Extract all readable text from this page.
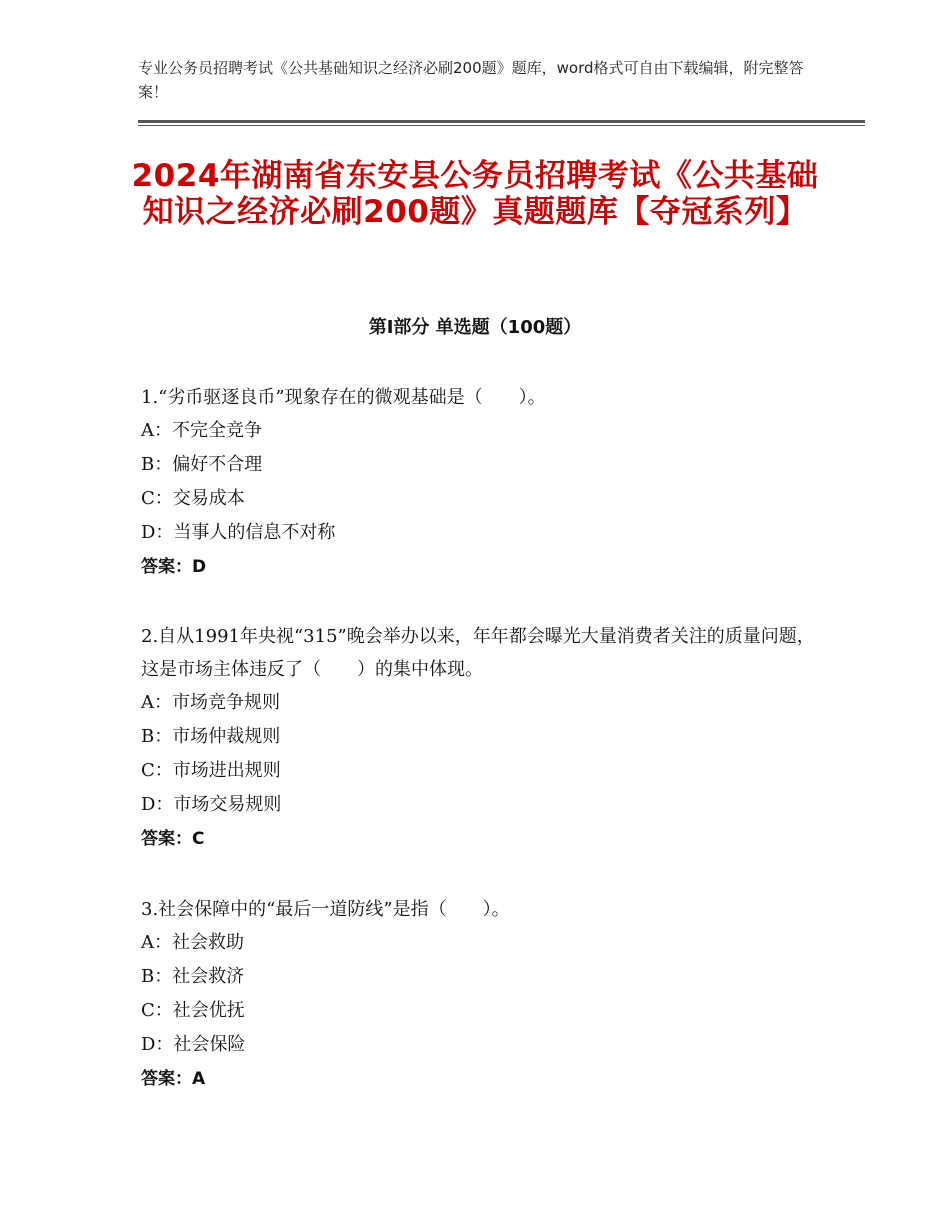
专业公务员招聘考试《公共基础知识之经济必刷200题》题库，word格式可自由下载编辑，附完整答案！
2024年湖南省东安县公务员招聘考试《公共基础知识之经济必刷200题》真题题库【夺冠系列】
第I部分 单选题（100题）

1.“劣币驱逐良币”现象存在的微观基础是（　　）。

A：不完全竞争

B：偏好不合理

C：交易成本

D：当事人的信息不对称

答案：D

2.自从1991年央视“315”晚会举办以来，年年都会曝光大量消费者关注的质量问题，这是市场主体违反了（　　）的集中体现。

A：市场竞争规则

B：市场仲裁规则

C：市场进出规则

D：市场交易规则

答案：C

3.社会保障中的“最后一道防线”是指（　　）。

A：社会救助

B：社会救济

C：社会优抚

D：社会保险

答案：A
